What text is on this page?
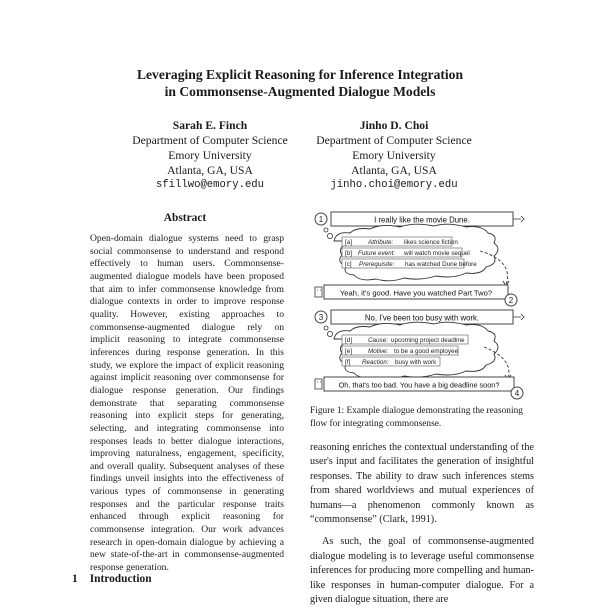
Leveraging Explicit Reasoning for Inference Integration
in Commonsense-Augmented Dialogue Models
Sarah E. Finch
Department of Computer Science
Emory University
Atlanta, GA, USA
sfillwo@emory.edu
Jinho D. Choi
Department of Computer Science
Emory University
Atlanta, GA, USA
jinho.choi@emory.edu
Abstract
Open-domain dialogue systems need to grasp social commonsense to understand and respond effectively to human users. Commonsense-augmented dialogue models have been proposed that aim to infer commonsense knowledge from dialogue contexts in order to improve response quality. However, existing approaches to commonsense-augmented dialogue rely on implicit reasoning to integrate commonsense inferences during response generation. In this study, we explore the impact of explicit reasoning against implicit reasoning over commonsense for dialogue response generation. Our findings demonstrate that separating commonsense reasoning into explicit steps for generating, selecting, and integrating commonsense into responses leads to better dialogue interactions, improving naturalness, engagement, specificity, and overall quality. Subsequent analyses of these findings unveil insights into the effectiveness of various types of commonsense in generating responses and the particular response traits enhanced through explicit reasoning for commonsense integration. Our work advances research in open-domain dialogue by achieving a new state-of-the-art in commonsense-augmented response generation.
1 Introduction
1	I really like the movie Dune.
[a]	Attribute: likes science fiction
[b] Future event: will watch movie sequel
[c] Prerequisite: has watched Dune before
Yeah, it's good. Have you watched Part Two?
2
3	No, I've been too busy with work.
[d]	Cause: upcoming project deadline
[e]	Motive: to be a good employee
[f] Reaction: busy with work
Oh, that's too bad. You have a big deadline soon?
4
Figure 1: Example dialogue demonstrating the reasoning flow for integrating commonsense.

reasoning enriches the contextual understanding of the user's input and facilitates the generation of insightful responses. The ability to draw such inferences stems from shared worldviews and mutual experiences of humans—a phenomenon commonly known as “commonsense” (Clark, 1991).

As such, the goal of commonsense-augmented dialogue modeling is to leverage useful commonsense inferences for producing more compelling and human-like responses in human-computer dialogue. For a given dialogue situation, there are
